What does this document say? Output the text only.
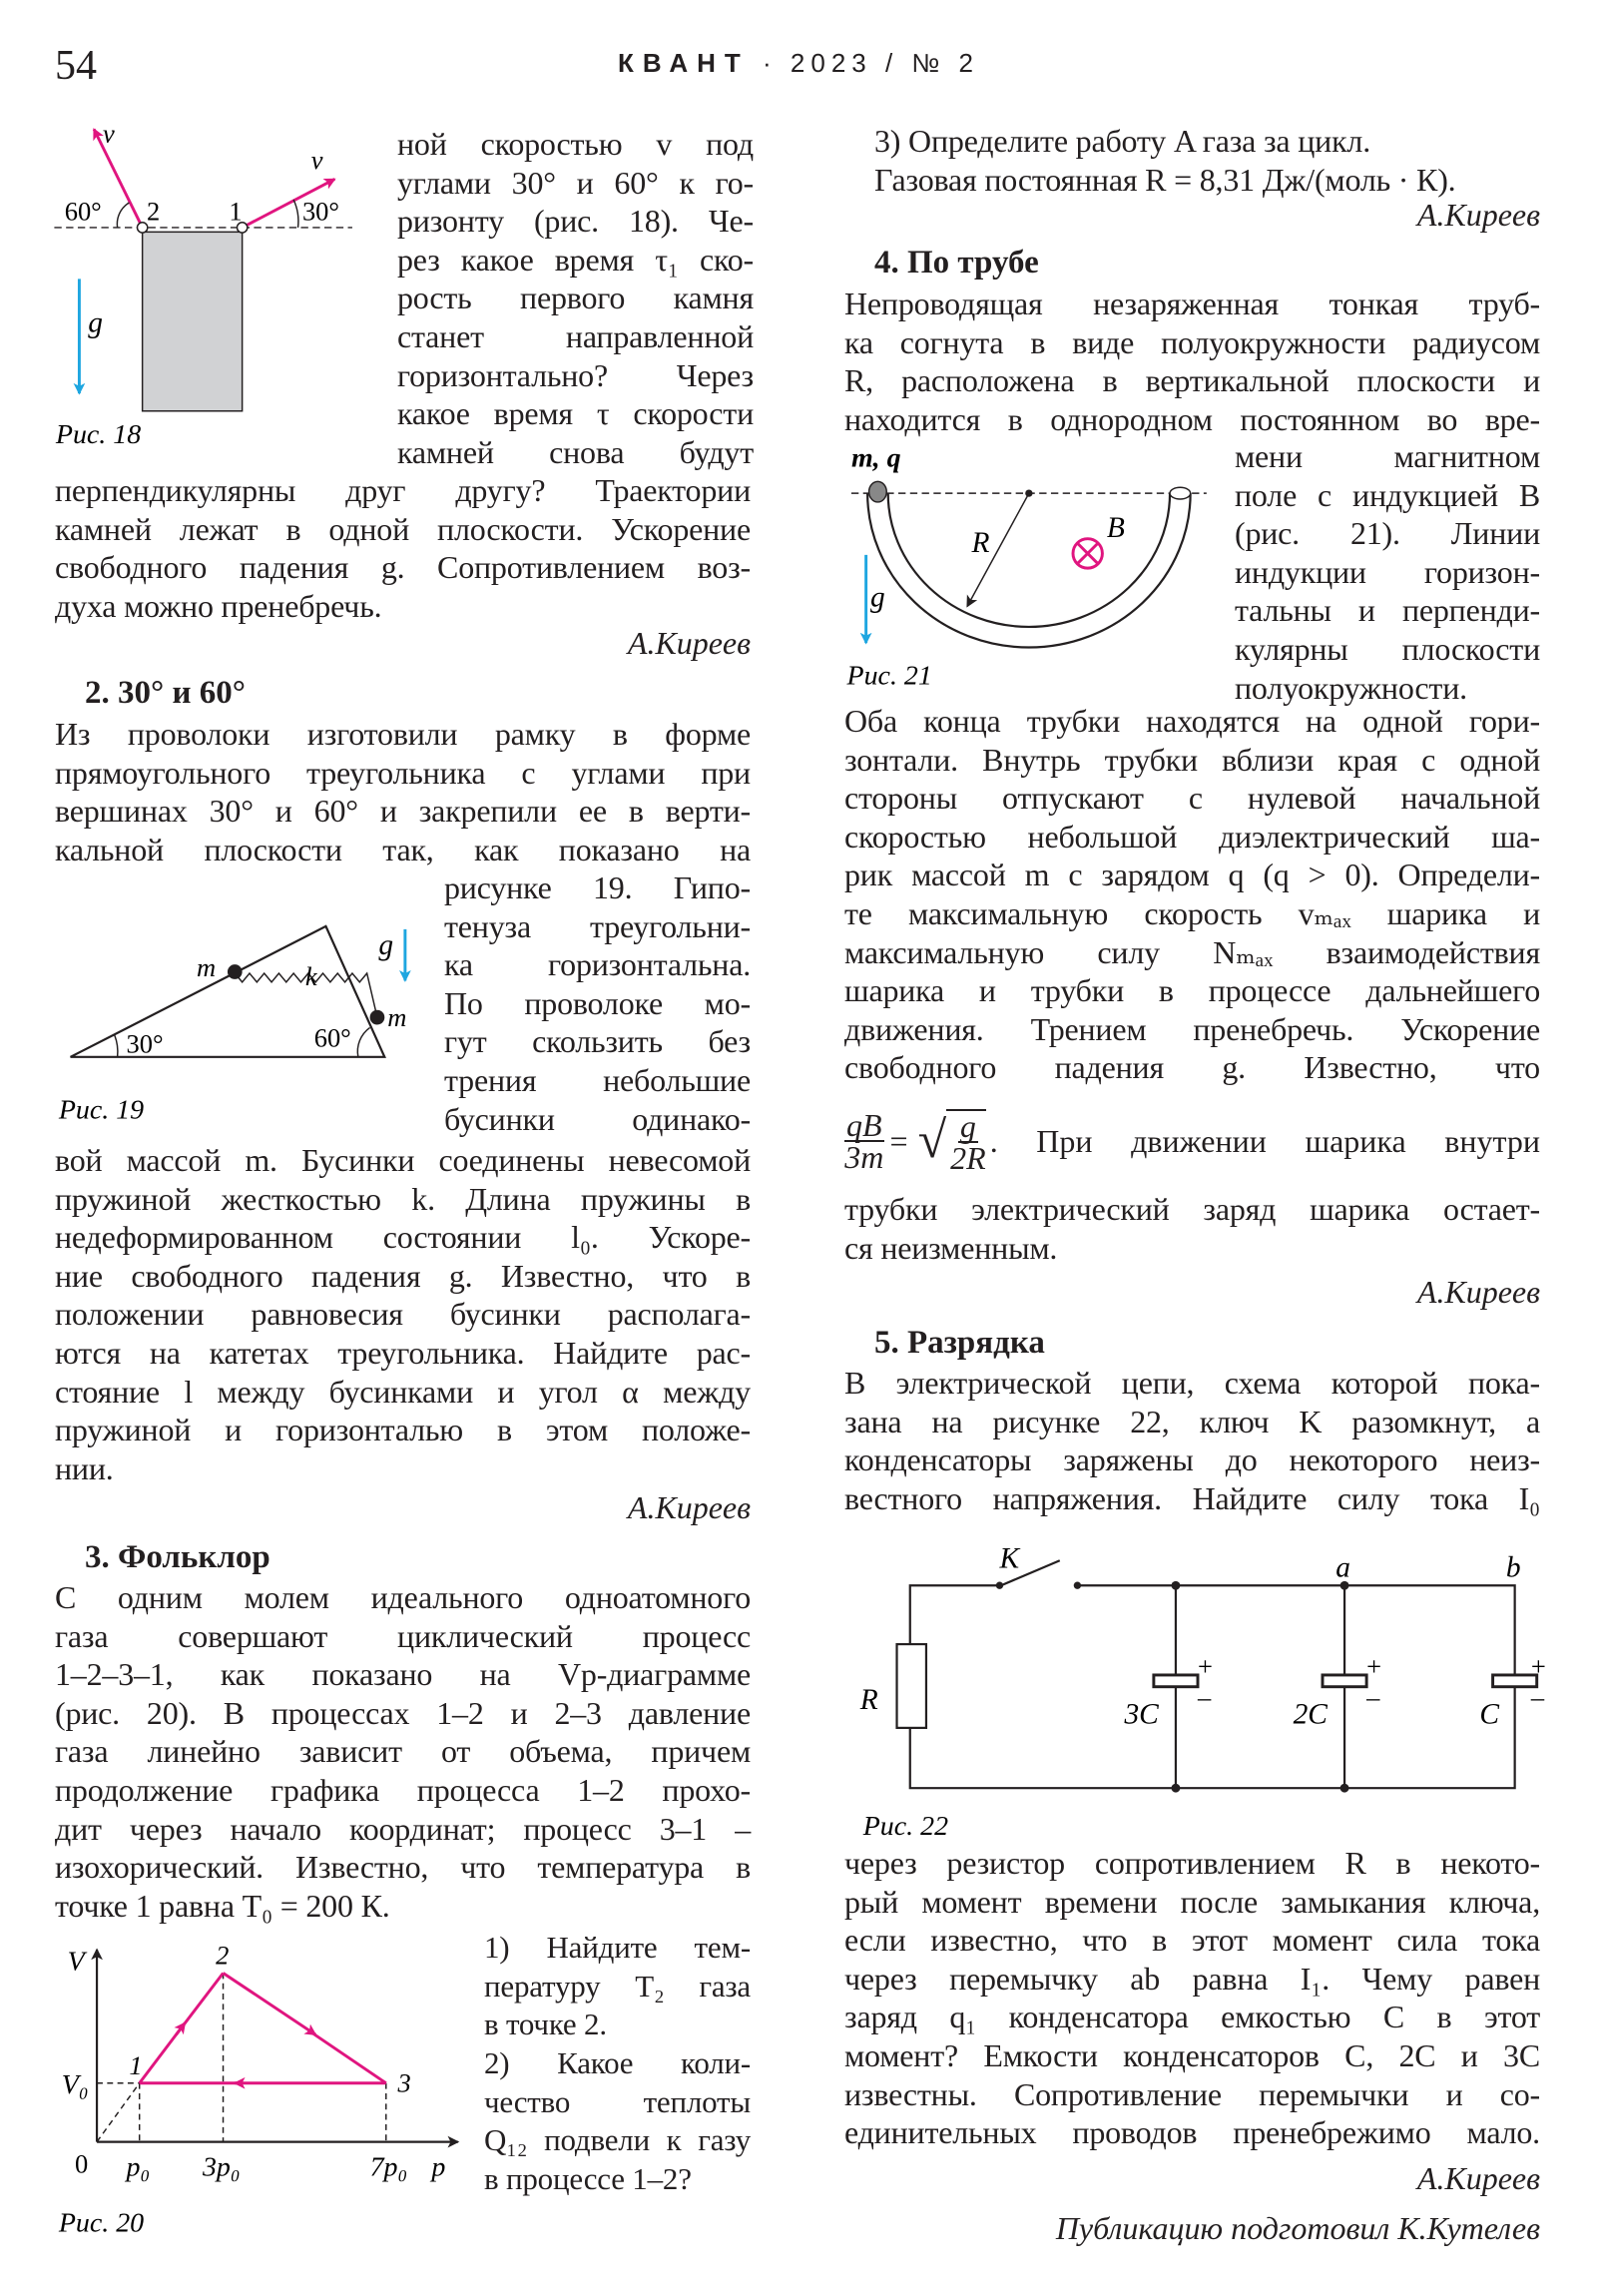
54	КВАНТ · 2023 / № 2
ной скоростью v под
углами 30° и 60° к го-
ризонту (рис. 18). Че-
рез какое время τ₁ ско-
рость первого камня
станет направленной
горизонтально? Через
какое время τ скорости
камней снова будут
перпендикулярны друг другу? Траектории
камней лежат в одной плоскости. Ускорение
свободного падения g. Сопротивлением воз-
духа можно пренебречь.
А.Киреев
2. 30° и 60°
Из проволоки изготовили рамку в форме
прямоугольного треугольника с углами при
вершинах 30° и 60° и закрепили ее в верти-
кальной плоскости так, как показано на
рисунке 19. Гипо-
тенуза треугольни-
ка горизонтальна.
По проволоке мо-
гут скользить без
трения небольшие
бусинки одинако-
вой массой m. Бусинки соединены невесомой
пружиной жесткостью k. Длина пружины в
недеформированном состоянии l₀. Ускоре-
ние свободного падения g. Известно, что в
положении равновесия бусинки располага-
ются на катетах треугольника. Найдите рас-
стояние l между бусинками и угол α между
пружиной и горизонталью в этом положе-
нии.
А.Киреев
3. Фольклор
С одним молем идеального одноатомного
газа совершают циклический процесс
1–2–3–1, как показано на Vp-диаграмме
(рис. 20). В процессах 1–2 и 2–3 давление
газа линейно зависит от объема, причем
продолжение графика процесса 1–2 прохо-
дит через начало координат; процесс 3–1 –
изохорический. Известно, что температура в
точке 1 равна T₀ = 200 К.
1) Найдите тем-
пературу T₂ газа
в точке 2.
2) Какое коли-
чество теплоты
Q₁₂ подвели к газу
в процессе 1–2?
3) Определите работу A газа за цикл.
Газовая постоянная R = 8,31 Дж/(моль · К).
А.Киреев
4. По трубе
Непроводящая незаряженная тонкая труб-
ка согнута в виде полуокружности радиусом
R, расположена в вертикальной плоскости и
находится в однородном постоянном во вре-
мени магнитном
поле с индукцией B
(рис. 21). Линии
индукции горизон-
тальны и перпенди-
кулярны плоскости
полуокружности.
Оба конца трубки находятся на одной гори-
зонтали. Внутрь трубки вблизи края с одной
стороны отпускают с нулевой начальной
скоростью небольшой диэлектрический ша-
рик массой m с зарядом q (q > 0). Определи-
те максимальную скорость vₘₐₓ шарика и
максимальную силу Nₘₐₓ взаимодействия
шарика и трубки в процессе дальнейшего
движения. Трением пренебречь. Ускорение
свободного падения g. Известно, что
$\frac{qB}{3m}$ = √ $\frac{g}{2R}$ . При движении шарика внутри
трубки электрический заряд шарика остает-
ся неизменным.
А.Киреев
5. Разрядка
В электрической цепи, схема которой пока-
зана на рисунке 22, ключ K разомкнут, а
конденсаторы заряжены до некоторого неиз-
вестного напряжения. Найдите силу тока I₀
через резистор сопротивлением R в некото-
рый момент времени после замыкания ключа,
если известно, что в этот момент сила тока
через перемычку ab равна I₁. Чему равен
заряд q₁ конденсатора емкостью C в этот
момент? Емкости конденсаторов C, 2C и 3C
известны. Сопротивление перемычки и со-
единительных проводов пренебрежимо мало.
А.Киреев
Публикацию подготовил К.Кутелев
v
v
60°	2	1	30°
g
Рис. 18
m	k
m
g
30°	60°
Рис. 19
V
V₀
0 p₀	3p₀	7p₀ p
1
2
3
Рис. 20
m, q
R	B
g
Рис. 21
K	a	b
R	3C	2C	C
+
–
+
–
+
–
Рис. 22
